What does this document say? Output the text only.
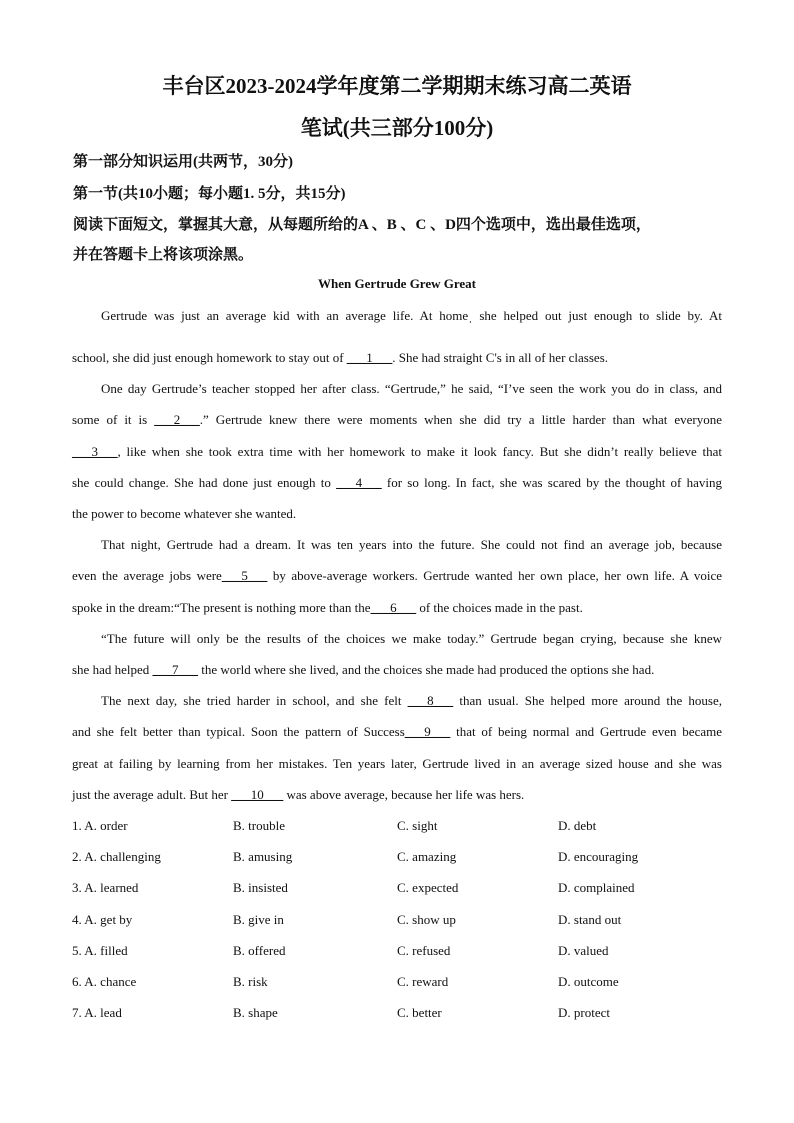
丰台区2023-2024学年度第二学期期末练习高二英语
笔试(共三部分100分)
第一部分知识运用(共两节，30分)
第一节(共10小题；每小题1. 5分，共15分)
阅读下面短文，掌握其大意，从每题所给的A 、B 、C 、D四个选项中，选出最佳选项，
并在答题卡上将该项涂黑。
When Gertrude Grew Great
Gertrude was just an average kid with an average life. At homeˌ she helped out just enough to slide by. At
school, she did just enough homework to stay out of ___1___. She had straight C's in all of her classes.
One day Gertrude’s teacher stopped her after class. “Gertrude,” he said, “I’ve seen the work you do in class, and
some of it is ___2___.” Gertrude knew there were moments when she did try a little harder than what everyone
___3___, like when she took extra time with her homework to make it look fancy. But she didn’t really believe that
she could change. She had done just enough to ___4___ for so long. In fact, she was scared by the thought of having
the power to become whatever she wanted.
That night, Gertrude had a dream. It was ten years into the future. She could not find an average job, because
even the average jobs were___5___ by above-average workers. Gertrude wanted her own place, her own life. A voice
spoke in the dream:“The present is nothing more than the___6___ of the choices made in the past.
“The future will only be the results of the choices we make today.” Gertrude began crying, because she knew
she had helped ___7___ the world where she lived, and the choices she made had produced the options she had.
The next day, she tried harder in school, and she felt ___8___ than usual. She helped more around the house,
and she felt better than typical. Soon the pattern of Success___9___ that of being normal and Gertrude even became
great at failing by learning from her mistakes. Ten years later, Gertrude lived in an average sized house and she was
just the average adult. But her ___10___ was above average, because her life was hers.
1. A. order	B. trouble	C. sight	D. debt
2. A. challenging	B. amusing	C. amazing	D. encouraging
3. A. learned	B. insisted	C. expected	D. complained
4. A. get by	B. give in	C. show up	D. stand out
5. A. filled	B. offered	C. refused	D. valued
6. A. chance	B. risk	C. reward	D. outcome
7. A. lead	B. shape	C. better	D. protect
